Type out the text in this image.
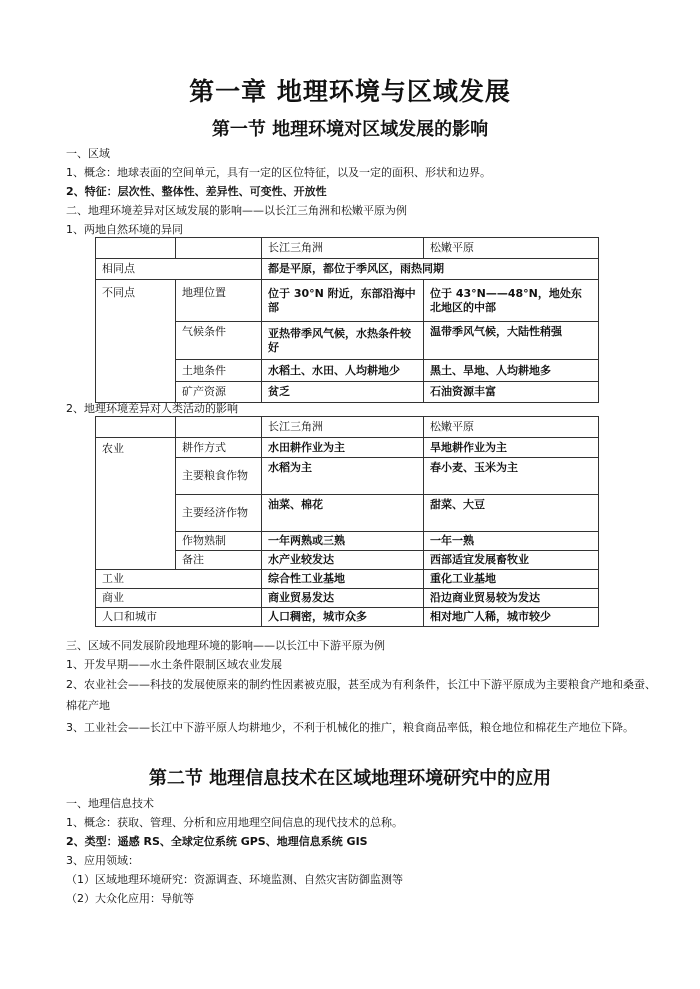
第一章 地理环境与区域发展
第一节 地理环境对区域发展的影响
一、区域
1、概念：地球表面的空间单元，具有一定的区位特征，以及一定的面积、形状和边界。
2、特征：层次性、整体性、差异性、可变性、开放性
二、地理环境差异对区域发展的影响——以长江三角洲和松嫩平原为例
1、两地自然环境的异同
		长江三角洲	松嫩平原
相同点		都是平原，都位于季风区，雨热同期	
不同点	地理位置	位于 30°N 附近，东部沿海中部	位于 43°N——48°N，地处东北地区的中部
	气候条件	亚热带季风气候，水热条件较好	温带季风气候，大陆性稍强
	土地条件	水稻土、水田、人均耕地少	黑土、旱地、人均耕地多
	矿产资源	贫乏	石油资源丰富
2、地理环境差异对人类活动的影响
		长江三角洲	松嫩平原
农业	耕作方式	水田耕作业为主	旱地耕作业为主
	主要粮食作物	水稻为主	春小麦、玉米为主
	主要经济作物	油菜、棉花	甜菜、大豆
	作物熟制	一年两熟或三熟	一年一熟
	备注	水产业较发达	西部适宜发展畜牧业
工业		综合性工业基地	重化工业基地
商业		商业贸易发达	沿边商业贸易较为发达
人口和城市		人口稠密，城市众多	相对地广人稀，城市较少
三、区域不同发展阶段地理环境的影响——以长江中下游平原为例
1、开发早期——水土条件限制区域农业发展
2、农业社会——科技的发展使原来的制约性因素被克服，甚至成为有利条件，长江中下游平原成为主要粮食产地和桑蚕、棉花产地
3、工业社会——长江中下游平原人均耕地少，不利于机械化的推广，粮食商品率低，粮仓地位和棉花生产地位下降。
第二节 地理信息技术在区域地理环境研究中的应用
一、地理信息技术
1、概念：获取、管理、分析和应用地理空间信息的现代技术的总称。
2、类型：遥感 RS、全球定位系统 GPS、地理信息系统 GIS
3、应用领域：
（1）区域地理环境研究：资源调查、环境监测、自然灾害防御监测等
（2）大众化应用：导航等
